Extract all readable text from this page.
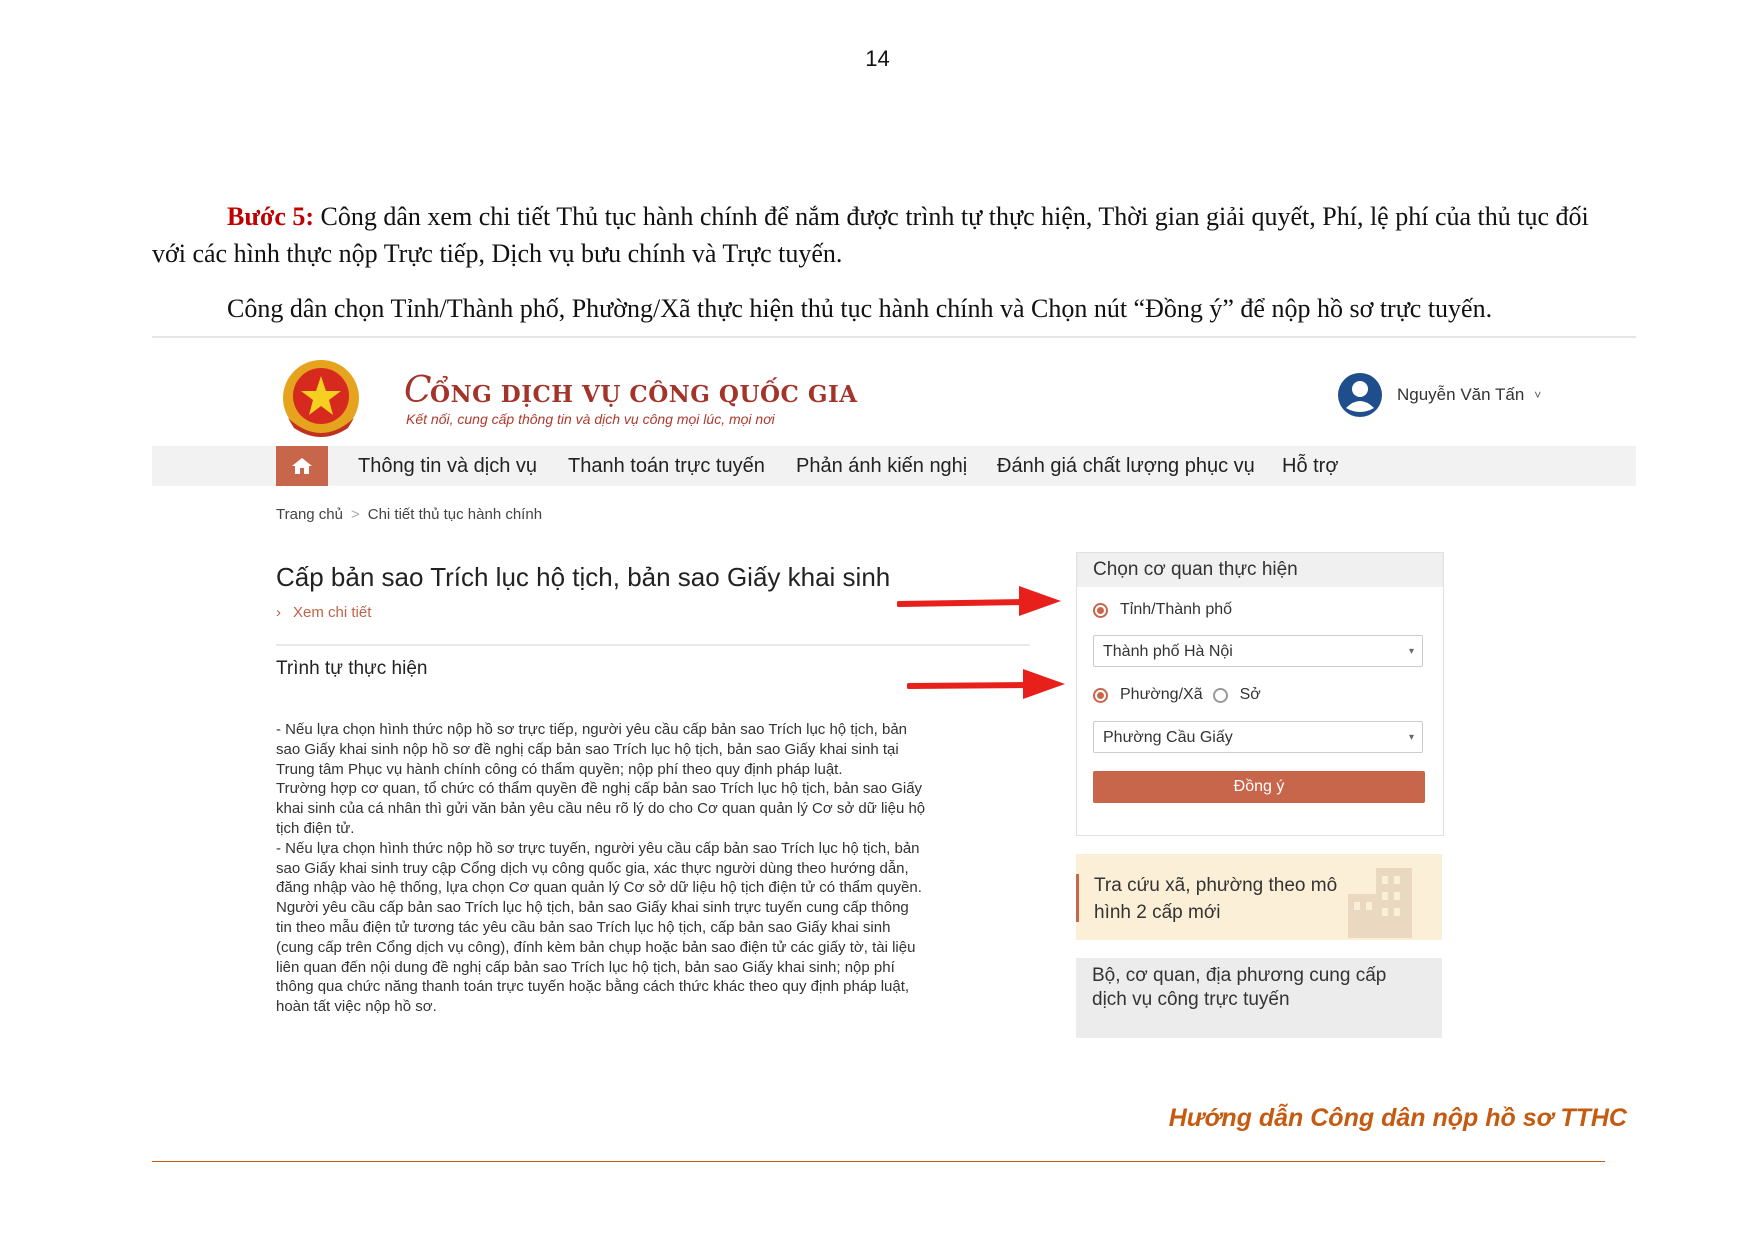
14
Bước 5: Công dân xem chi tiết Thủ tục hành chính để nắm được trình tự thực hiện, Thời gian giải quyết, Phí, lệ phí của thủ tục đối với các hình thực nộp Trực tiếp, Dịch vụ bưu chính và Trực tuyến.
Công dân chọn Tỉnh/Thành phố, Phường/Xã thực hiện thủ tục hành chính và Chọn nút “Đồng ý” để nộp hồ sơ trực tuyến.
CỔNG DỊCH VỤ CÔNG QUỐC GIA
Kết nối, cung cấp thông tin và dịch vụ công mọi lúc, mọi nơi
Nguyễn Văn Tấn ˅
Thông tin và dịch vụ Thanh toán trực tuyến Phản ánh kiến nghị Đánh giá chất lượng phục vụ Hỗ trợ
Trang chủ > Chi tiết thủ tục hành chính
Cấp bản sao Trích lục hộ tịch, bản sao Giấy khai sinh
› Xem chi tiết
Trình tự thực hiện
- Nếu lựa chọn hình thức nộp hồ sơ trực tiếp, người yêu cầu cấp bản sao Trích lục hộ tịch, bản
sao Giấy khai sinh nộp hồ sơ đề nghị cấp bản sao Trích lục hộ tịch, bản sao Giấy khai sinh tại
Trung tâm Phục vụ hành chính công có thẩm quyền; nộp phí theo quy định pháp luật.
Trường hợp cơ quan, tổ chức có thẩm quyền đề nghị cấp bản sao Trích lục hộ tịch, bản sao Giấy
khai sinh của cá nhân thì gửi văn bản yêu cầu nêu rõ lý do cho Cơ quan quản lý Cơ sở dữ liệu hộ
tịch điện tử.
- Nếu lựa chọn hình thức nộp hồ sơ trực tuyến, người yêu cầu cấp bản sao Trích lục hộ tịch, bản
sao Giấy khai sinh truy cập Cổng dịch vụ công quốc gia, xác thực người dùng theo hướng dẫn,
đăng nhập vào hệ thống, lựa chọn Cơ quan quản lý Cơ sở dữ liệu hộ tịch điện tử có thẩm quyền.
Người yêu cầu cấp bản sao Trích lục hộ tịch, bản sao Giấy khai sinh trực tuyến cung cấp thông
tin theo mẫu điện tử tương tác yêu cầu bản sao Trích lục hộ tịch, cấp bản sao Giấy khai sinh
(cung cấp trên Cổng dịch vụ công), đính kèm bản chụp hoặc bản sao điện tử các giấy tờ, tài liệu
liên quan đến nội dung đề nghị cấp bản sao Trích lục hộ tịch, bản sao Giấy khai sinh; nộp phí
thông qua chức năng thanh toán trực tuyến hoặc bằng cách thức khác theo quy định pháp luật,
hoàn tất việc nộp hồ sơ.
Chọn cơ quan thực hiện
Tỉnh/Thành phố
Thành phố Hà Nội	▾
Phường/Xã Sở
Phường Cầu Giấy	▾
Đồng ý
Tra cứu xã, phường theo mô hình 2 cấp mới
Bộ, cơ quan, địa phương cung cấp dịch vụ công trực tuyến
Hướng dẫn Công dân nộp hồ sơ TTHC
